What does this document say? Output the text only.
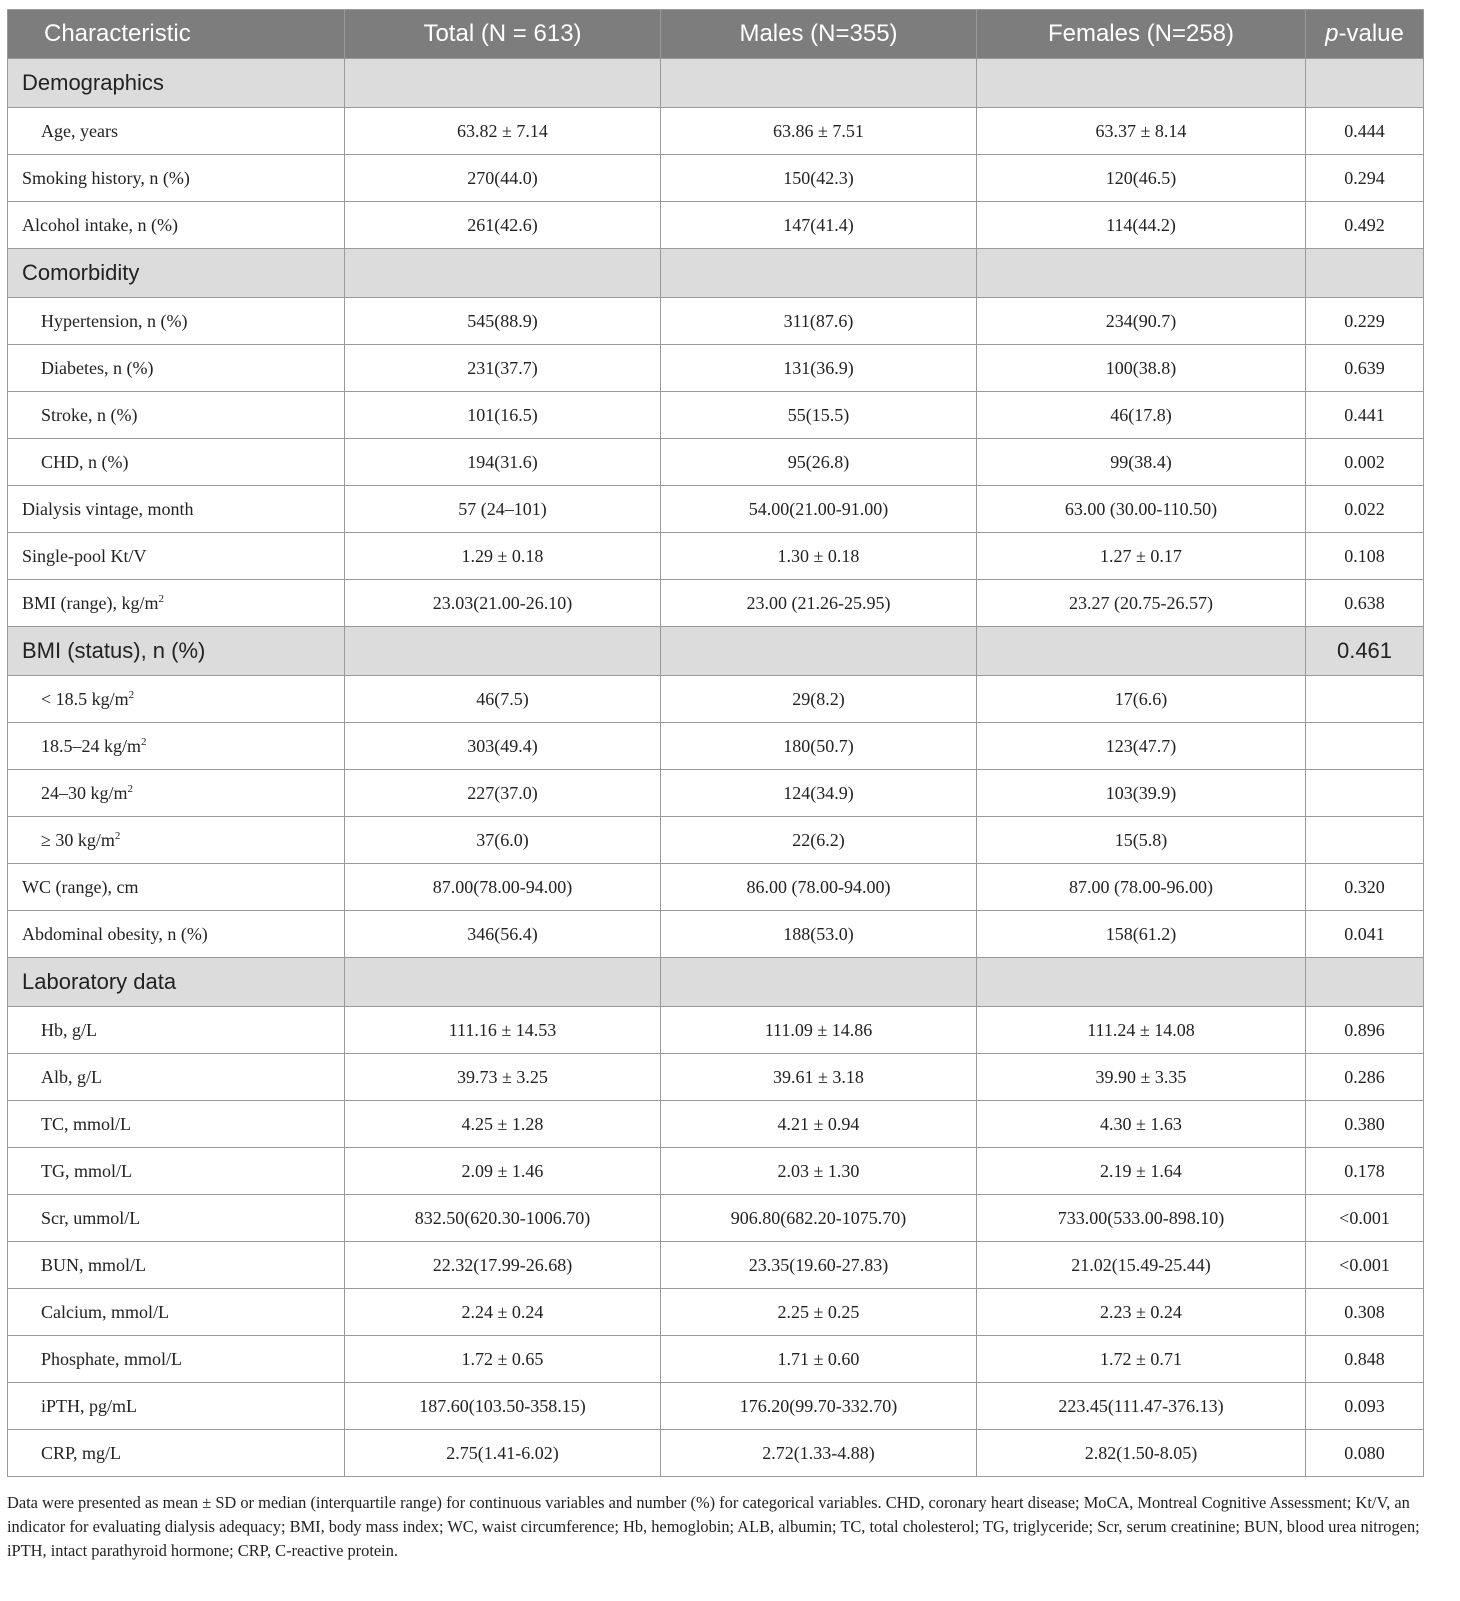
Characteristic	Total (N = 613)	Males (N=355)	Females (N=258)	p-value
Demographics				
Age, years	63.82 ± 7.14	63.86 ± 7.51	63.37 ± 8.14	0.444
Smoking history, n (%)	270(44.0)	150(42.3)	120(46.5)	0.294
Alcohol intake, n (%)	261(42.6)	147(41.4)	114(44.2)	0.492
Comorbidity				
Hypertension, n (%)	545(88.9)	311(87.6)	234(90.7)	0.229
Diabetes, n (%)	231(37.7)	131(36.9)	100(38.8)	0.639
Stroke, n (%)	101(16.5)	55(15.5)	46(17.8)	0.441
CHD, n (%)	194(31.6)	95(26.8)	99(38.4)	0.002
Dialysis vintage, month	57 (24–101)	54.00(21.00-91.00)	63.00 (30.00-110.50)	0.022
Single-pool Kt/V	1.29 ± 0.18	1.30 ± 0.18	1.27 ± 0.17	0.108
BMI (range), $kg/m^2$	23.03(21.00-26.10)	23.00 (21.26-25.95)	23.27 (20.75-26.57)	0.638
BMI (status), n (%)				0.461
< 18.5 $kg/m^2$	46(7.5)	29(8.2)	17(6.6)	
18.5–24 $kg/m^2$	303(49.4)	180(50.7)	123(47.7)	
24–30 $kg/m^2$	227(37.0)	124(34.9)	103(39.9)	
≥ 30 $kg/m^2$	37(6.0)	22(6.2)	15(5.8)	
WC (range), cm	87.00(78.00-94.00)	86.00 (78.00-94.00)	87.00 (78.00-96.00)	0.320
Abdominal obesity, n (%)	346(56.4)	188(53.0)	158(61.2)	0.041
Laboratory data				
Hb, g/L	111.16 ± 14.53	111.09 ± 14.86	111.24 ± 14.08	0.896
Alb, g/L	39.73 ± 3.25	39.61 ± 3.18	39.90 ± 3.35	0.286
TC, mmol/L	4.25 ± 1.28	4.21 ± 0.94	4.30 ± 1.63	0.380
TG, mmol/L	2.09 ± 1.46	2.03 ± 1.30	2.19 ± 1.64	0.178
Scr, ummol/L	832.50(620.30-1006.70)	906.80(682.20-1075.70)	733.00(533.00-898.10)	<0.001
BUN, mmol/L	22.32(17.99-26.68)	23.35(19.60-27.83)	21.02(15.49-25.44)	<0.001
Calcium, mmol/L	2.24 ± 0.24	2.25 ± 0.25	2.23 ± 0.24	0.308
Phosphate, mmol/L	1.72 ± 0.65	1.71 ± 0.60	1.72 ± 0.71	0.848
iPTH, pg/mL	187.60(103.50-358.15)	176.20(99.70-332.70)	223.45(111.47-376.13)	0.093
CRP, mg/L	2.75(1.41-6.02)	2.72(1.33-4.88)	2.82(1.50-8.05)	0.080
Data were presented as mean ± SD or median (interquartile range) for continuous variables and number (%) for categorical variables. CHD, coronary heart disease; MoCA, Montreal Cognitive Assessment; Kt/V, an indicator for evaluating dialysis adequacy; BMI, body mass index; WC, waist circumference; Hb, hemoglobin; ALB, albumin; TC, total cholesterol; TG, triglyceride; Scr, serum creatinine; BUN, blood urea nitrogen; iPTH, intact parathyroid hormone; CRP, C-reactive protein.
